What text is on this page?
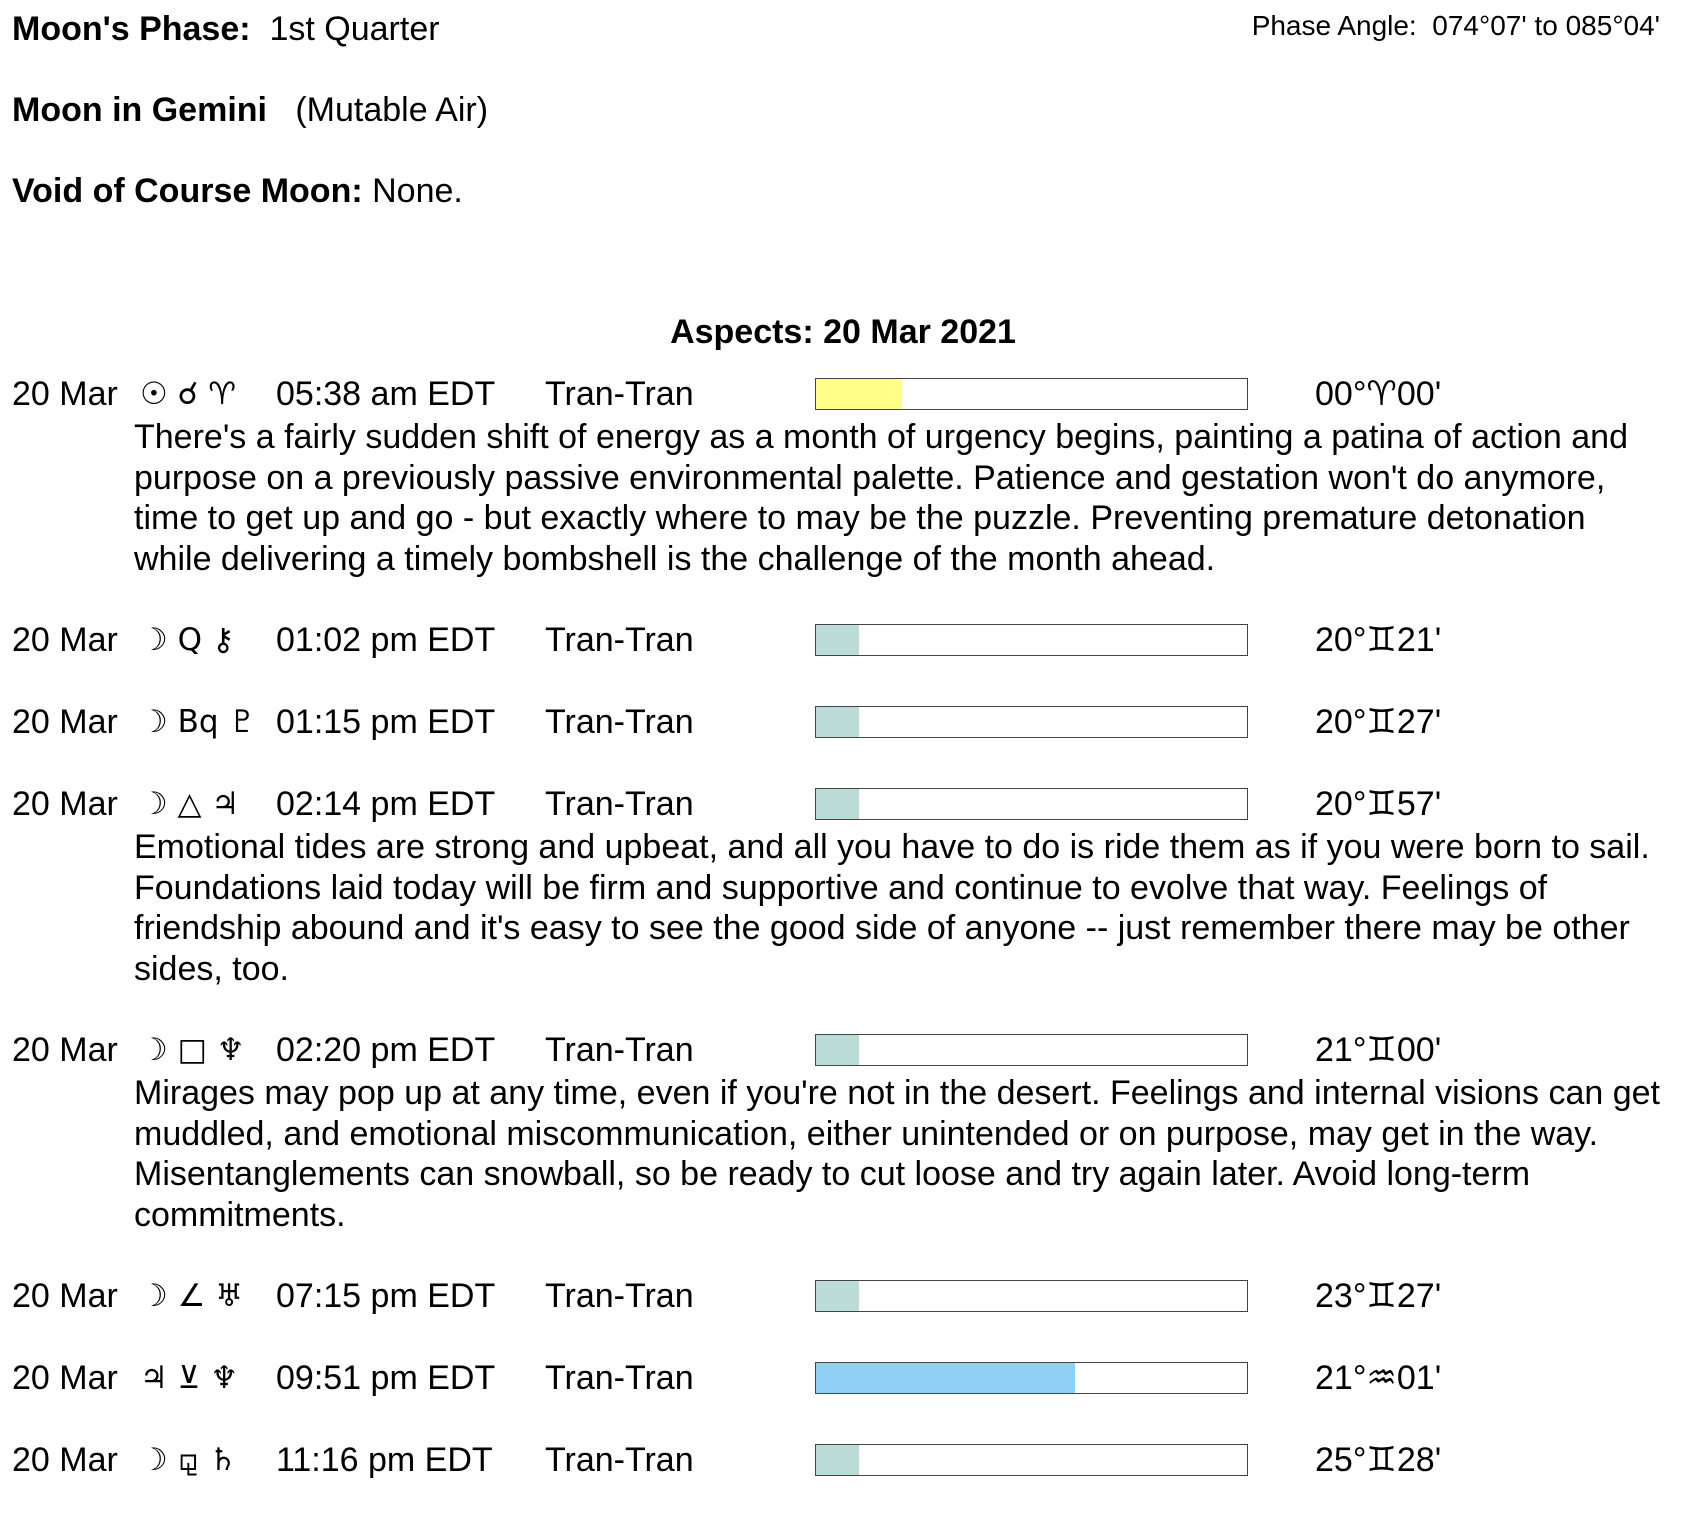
Moon's Phase: 1st Quarter	Phase Angle: 074°07' to 085°04'
Moon in Gemini (Mutable Air)
Void of Course Moon: None.
Aspects: 20 Mar 2021
20 Mar ☉ ☌ ♈ 05:38 am EDT Tran-Tran	00°♈00'
There's a fairly sudden shift of energy as a month of urgency begins, painting a patina of action and purpose on a previously passive environmental palette. Patience and gestation won't do anymore, time to get up and go - but exactly where to may be the puzzle. Preventing premature detonation while delivering a timely bombshell is the challenge of the month ahead.
20 Mar ☽ Q ⚷ 01:02 pm EDT Tran-Tran	20°♊21'
20 Mar ☽ Bq ♇ 01:15 pm EDT Tran-Tran	20°♊27'
20 Mar ☽ △ ♃ 02:14 pm EDT Tran-Tran	20°♊57'
Emotional tides are strong and upbeat, and all you have to do is ride them as if you were born to sail. Foundations laid today will be firm and supportive and continue to evolve that way. Feelings of friendship abound and it's easy to see the good side of anyone -- just remember there may be other sides, too.
20 Mar ☽ □ ♆ 02:20 pm EDT Tran-Tran	21°♊00'
Mirages may pop up at any time, even if you're not in the desert. Feelings and internal visions can get muddled, and emotional miscommunication, either unintended or on purpose, may get in the way. Misentanglements can snowball, so be ready to cut loose and try again later. Avoid long-term commitments.
20 Mar ☽ ∠ ♅ 07:15 pm EDT Tran-Tran	23°♊27'
20 Mar ♃ ⊻ ♆ 09:51 pm EDT Tran-Tran	21°♒01'
20 Mar ☽ ⚼ ♄ 11:16 pm EDT Tran-Tran	25°♊28'
